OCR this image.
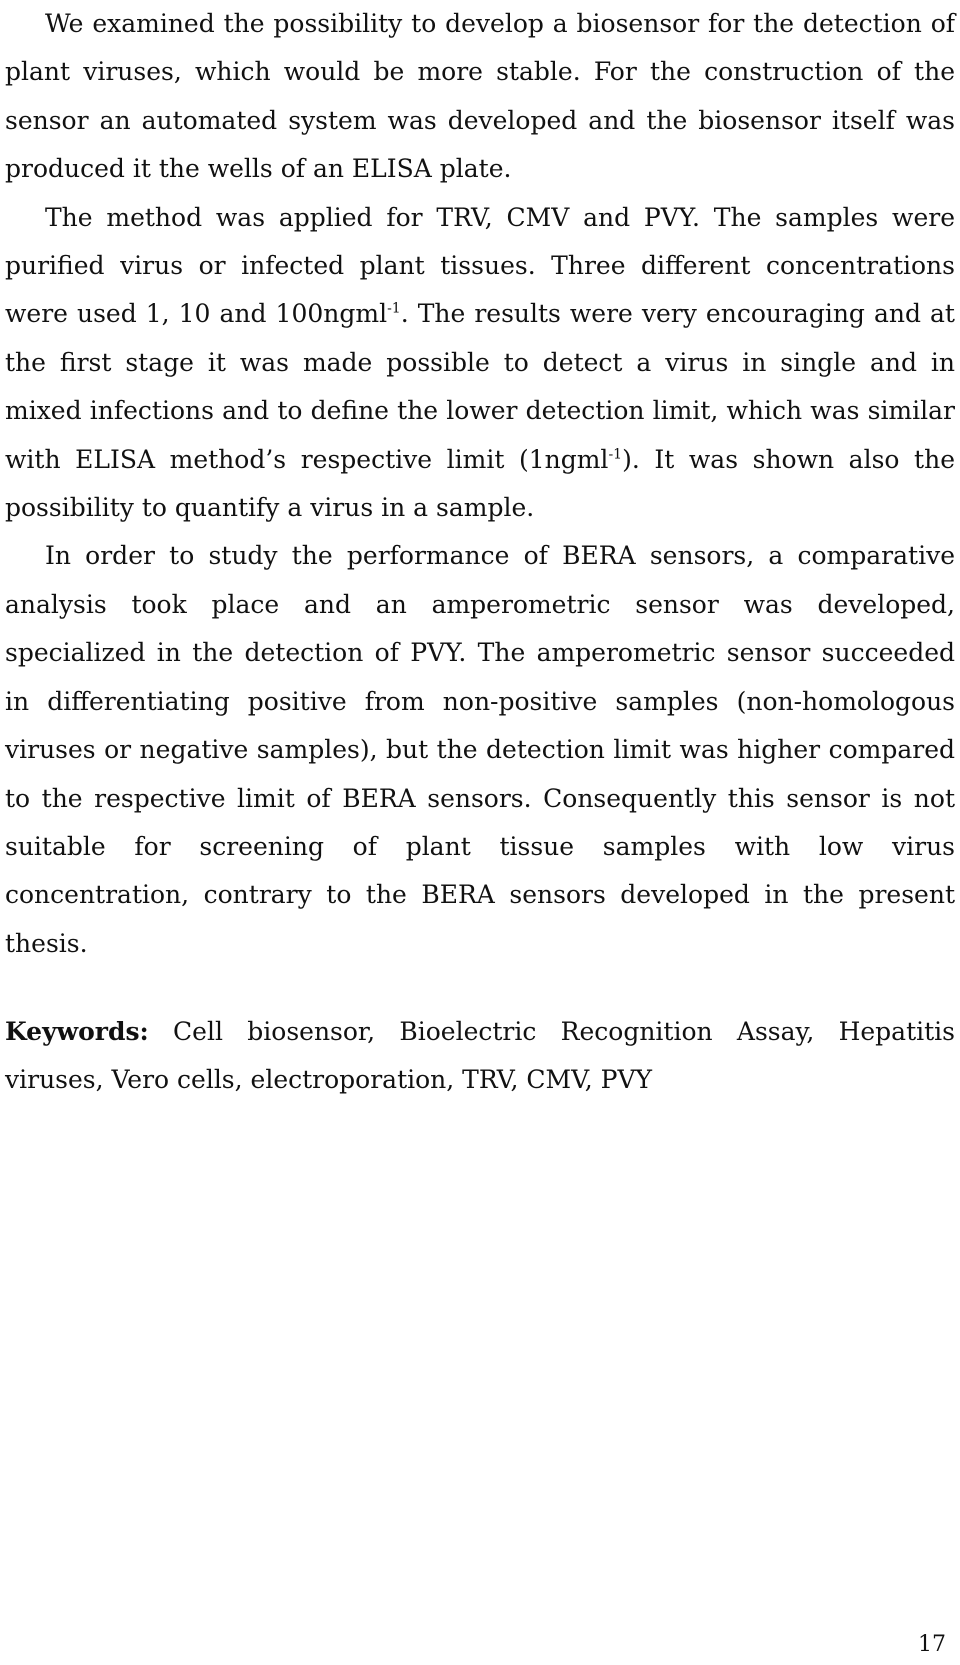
We examined the possibility to develop a biosensor for the detection of plant viruses, which would be more stable. For the construction of the sensor an automated system was developed and the biosensor itself was produced it the wells of an ELISA plate.

The method was applied for TRV, CMV and PVY. The samples were purified virus or infected plant tissues. Three different concentrations were used 1, 10 and 100ngml$^{-1}$. The results were very encouraging and at the first stage it was made possible to detect a virus in single and in mixed infections and to define the lower detection limit, which was similar with ELISA method’s respective limit (1ngml$^{-1}$). It was shown also the possibility to quantify a virus in a sample.

In order to study the performance of BERA sensors, a comparative analysis took place and an amperometric sensor was developed, specialized in the detection of PVY. The amperometric sensor succeeded in differentiating positive from non-positive samples (non-homologous viruses or negative samples), but the detection limit was higher compared to the respective limit of BERA sensors. Consequently this sensor is not suitable for screening of plant tissue samples with low virus concentration, contrary to the BERA sensors developed in the present thesis.

Keywords: Cell biosensor, Bioelectric Recognition Assay, Hepatitis viruses, Vero cells, electroporation, TRV, CMV, PVY

17
